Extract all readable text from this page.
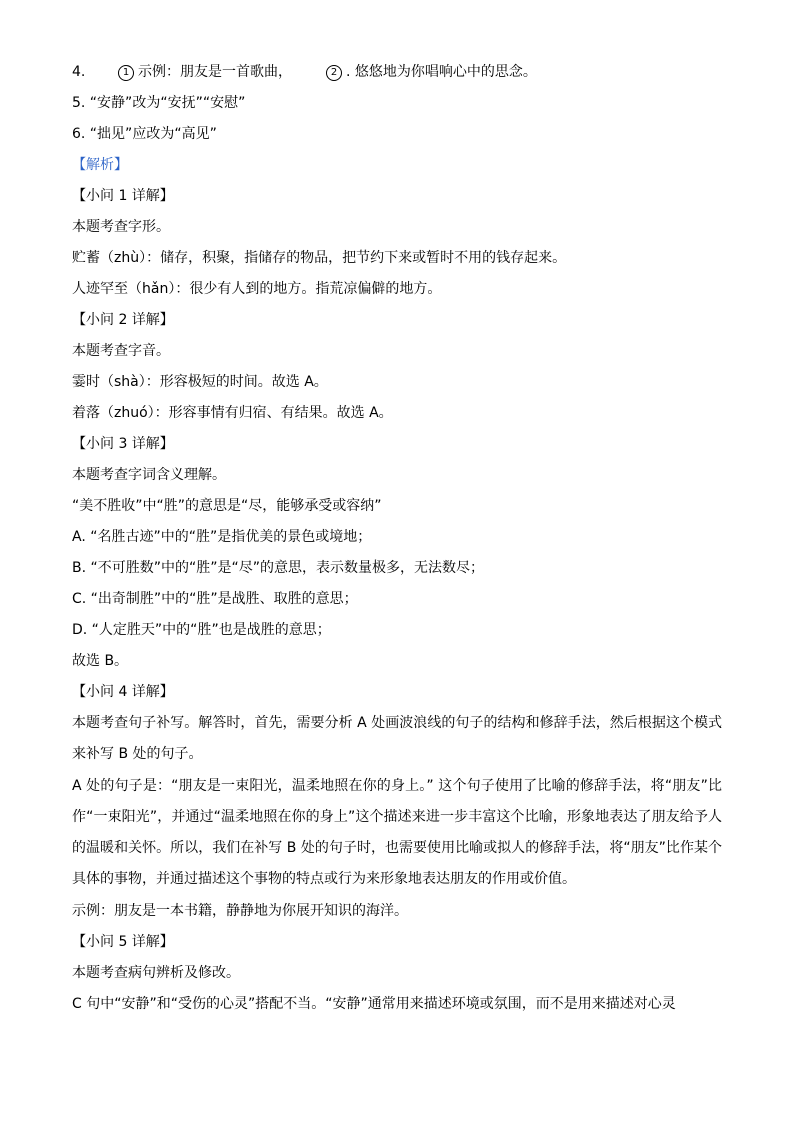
4.	1 示例：朋友是一首歌曲，	2 . 悠悠地为你唱响心中的思念。
5. “安静”改为“安抚”“安慰”
6. “拙见”应改为“高见”
【解析】
【小问 1 详解】
本题考查字形。
贮蓄（zhù）：储存，积聚，指储存的物品，把节约下来或暂时不用的钱存起来。
人迹罕至（hǎn）：很少有人到的地方。指荒凉偏僻的地方。
【小问 2 详解】
本题考查字音。
霎时（shà）：形容极短的时间。故选 A。
着落（zhuó）：形容事情有归宿、有结果。故选 A。
【小问 3 详解】
本题考查字词含义理解。
“美不胜收”中“胜”的意思是“尽，能够承受或容纳”
A. “名胜古迹”中的“胜”是指优美的景色或境地；
B. “不可胜数”中的“胜”是“尽”的意思，表示数量极多，无法数尽；
C. “出奇制胜”中的“胜”是战胜、取胜的意思；
D. “人定胜天”中的“胜”也是战胜的意思；
故选 B。
【小问 4 详解】
本题考查句子补写。解答时，首先，需要分析 A 处画波浪线的句子的结构和修辞手法，然后根据这个模式来补写 B 处的句子。
A 处的句子是：“朋友是一束阳光，温柔地照在你的身上。” 这个句子使用了比喻的修辞手法，将“朋友”比作“一束阳光”，并通过“温柔地照在你的身上”这个描述来进一步丰富这个比喻，形象地表达了朋友给予人的温暖和关怀。所以，我们在补写 B 处的句子时，也需要使用比喻或拟人的修辞手法，将“朋友”比作某个具体的事物，并通过描述这个事物的特点或行为来形象地表达朋友的作用或价值。
示例：朋友是一本书籍，静静地为你展开知识的海洋。
【小问 5 详解】
本题考查病句辨析及修改。
C 句中“安静”和“受伤的心灵”搭配不当。“安静”通常用来描述环境或氛围，而不是用来描述对心灵
